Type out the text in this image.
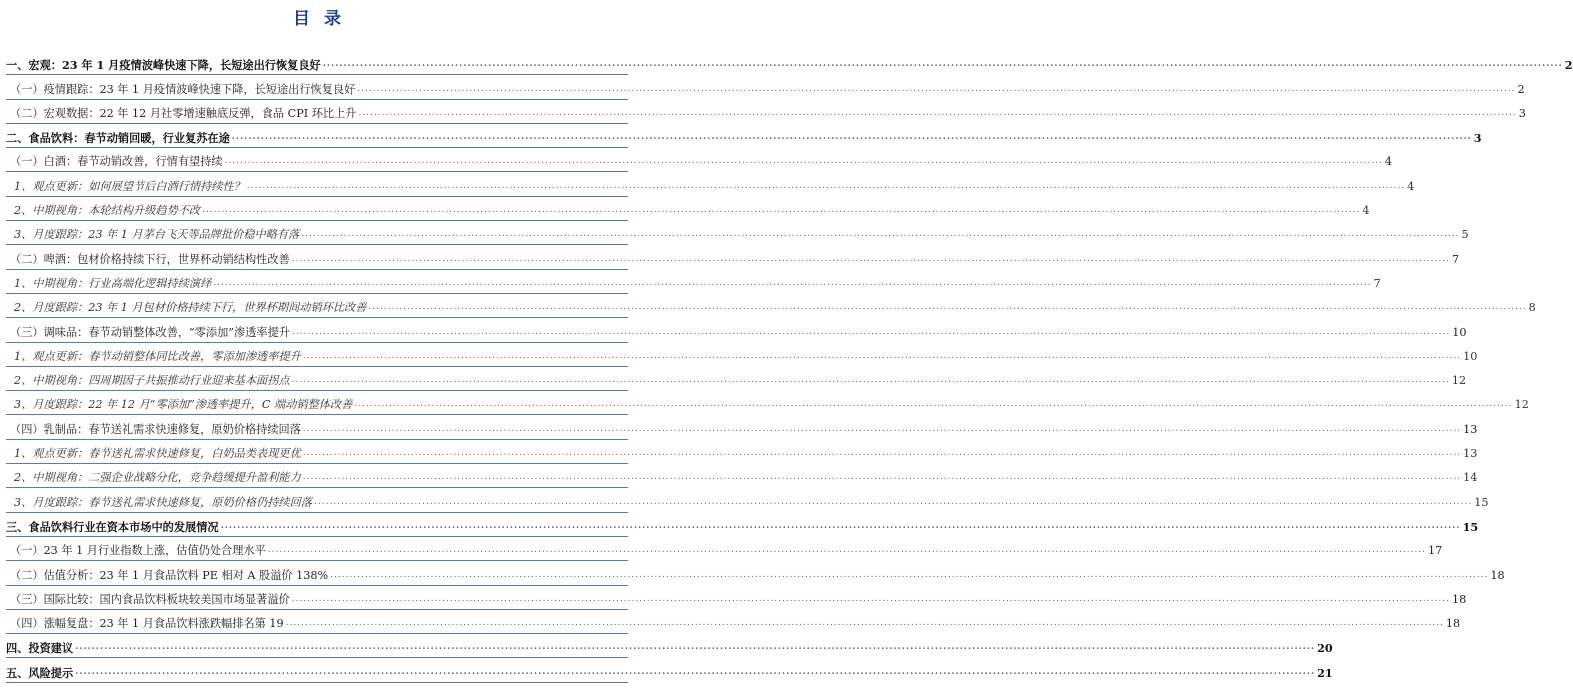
目 录
一、宏观：23 年 1 月疫情波峰快速下降，长短途出行恢复良好 ............................................................................................................................................................................................................................................................................................................ 2
（一）疫情跟踪：23 年 1 月疫情波峰快速下降，长短途出行恢复良好 ............................................................................................................................................................................................................................................................................................................ 2
（二）宏观数据：22 年 12 月社零增速触底反弹，食品 CPI 环比上升 ............................................................................................................................................................................................................................................................................................................ 3
二、食品饮料：春节动销回暖，行业复苏在途 ............................................................................................................................................................................................................................................................................................................ 3
（一）白酒：春节动销改善，行情有望持续 ............................................................................................................................................................................................................................................................................................................ 4
1、观点更新：如何展望节后白酒行情持续性？ ............................................................................................................................................................................................................................................................................................................ 4
2、中期视角：本轮结构升级趋势不改 ............................................................................................................................................................................................................................................................................................................ 4
3、月度跟踪：23 年 1 月茅台飞天等品牌批价稳中略有落 ............................................................................................................................................................................................................................................................................................................ 5
（二）啤酒：包材价格持续下行，世界杯动销结构性改善 ............................................................................................................................................................................................................................................................................................................ 7
1、中期视角：行业高端化逻辑持续演绎 ............................................................................................................................................................................................................................................................................................................ 7
2、月度跟踪：23 年 1 月包材价格持续下行，世界杯期间动销环比改善 ............................................................................................................................................................................................................................................................................................................ 8
（三）调味品：春节动销整体改善，“零添加”渗透率提升 ............................................................................................................................................................................................................................................................................................................ 10
1、观点更新：春节动销整体同比改善，零添加渗透率提升 ............................................................................................................................................................................................................................................................................................................ 10
2、中期视角：四周期因子共振推动行业迎来基本面拐点 ............................................................................................................................................................................................................................................................................................................ 12
3、月度跟踪：22 年 12 月“零添加”渗透率提升，C 端动销整体改善 ............................................................................................................................................................................................................................................................................................................ 12
（四）乳制品：春节送礼需求快速修复，原奶价格持续回落 ............................................................................................................................................................................................................................................................................................................ 13
1、观点更新：春节送礼需求快速修复，白奶品类表现更优 ............................................................................................................................................................................................................................................................................................................ 13
2、中期视角：二强企业战略分化，竞争趋缓提升盈利能力 ............................................................................................................................................................................................................................................................................................................ 14
3、月度跟踪：春节送礼需求快速修复，原奶价格仍持续回落 ............................................................................................................................................................................................................................................................................................................ 15
三、食品饮料行业在资本市场中的发展情况 ............................................................................................................................................................................................................................................................................................................ 15
（一）23 年 1 月行业指数上涨，估值仍处合理水平 ............................................................................................................................................................................................................................................................................................................ 17
（二）估值分析：23 年 1 月食品饮料 PE 相对 A 股溢价 138% ............................................................................................................................................................................................................................................................................................................ 18
（三）国际比较：国内食品饮料板块较美国市场显著溢价 ............................................................................................................................................................................................................................................................................................................ 18
（四）涨幅复盘：23 年 1 月食品饮料涨跌幅排名第 19 ............................................................................................................................................................................................................................................................................................................ 18
四、投资建议 ............................................................................................................................................................................................................................................................................................................ 20
五、风险提示 ............................................................................................................................................................................................................................................................................................................ 21
